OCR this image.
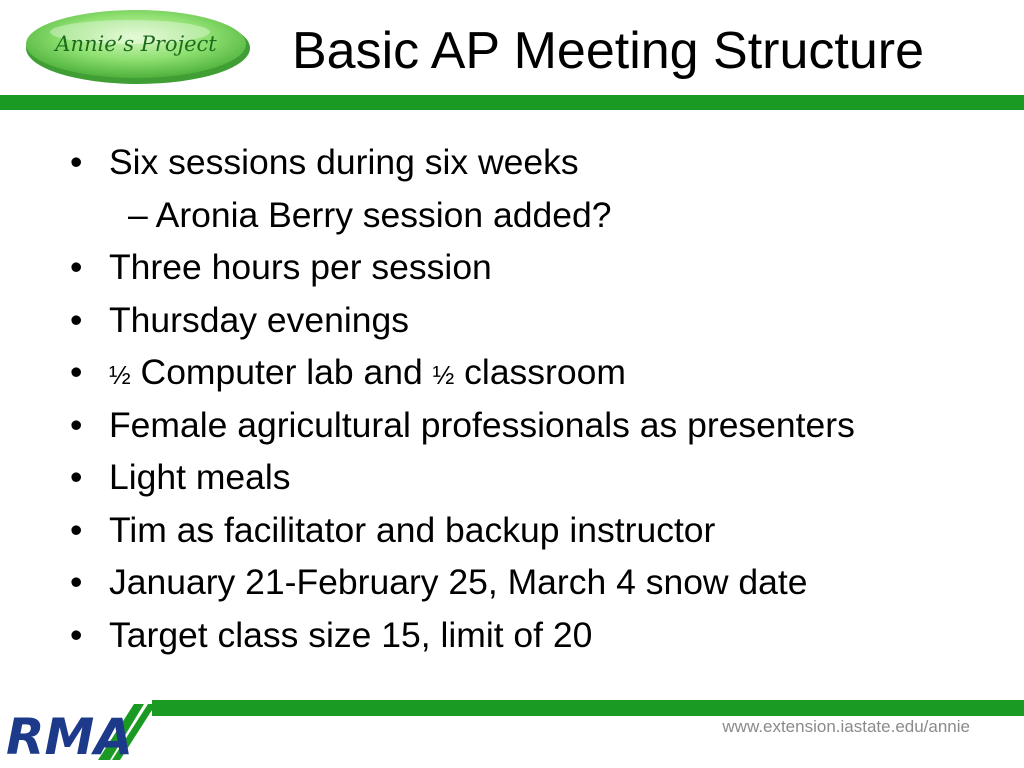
Annie’s Project Basic AP Meeting Structure
• Six sessions during six weeks
– Aronia Berry session added?
• Three hours per session
• Thursday evenings
• ½ Computer lab and ½ classroom
• Female agricultural professionals as presenters
• Light meals
• Tim as facilitator and backup instructor
• January 21-February 25, March 4 snow date
• Target class size 15, limit of 20
RMA	www.extension.iastate.edu/annie
